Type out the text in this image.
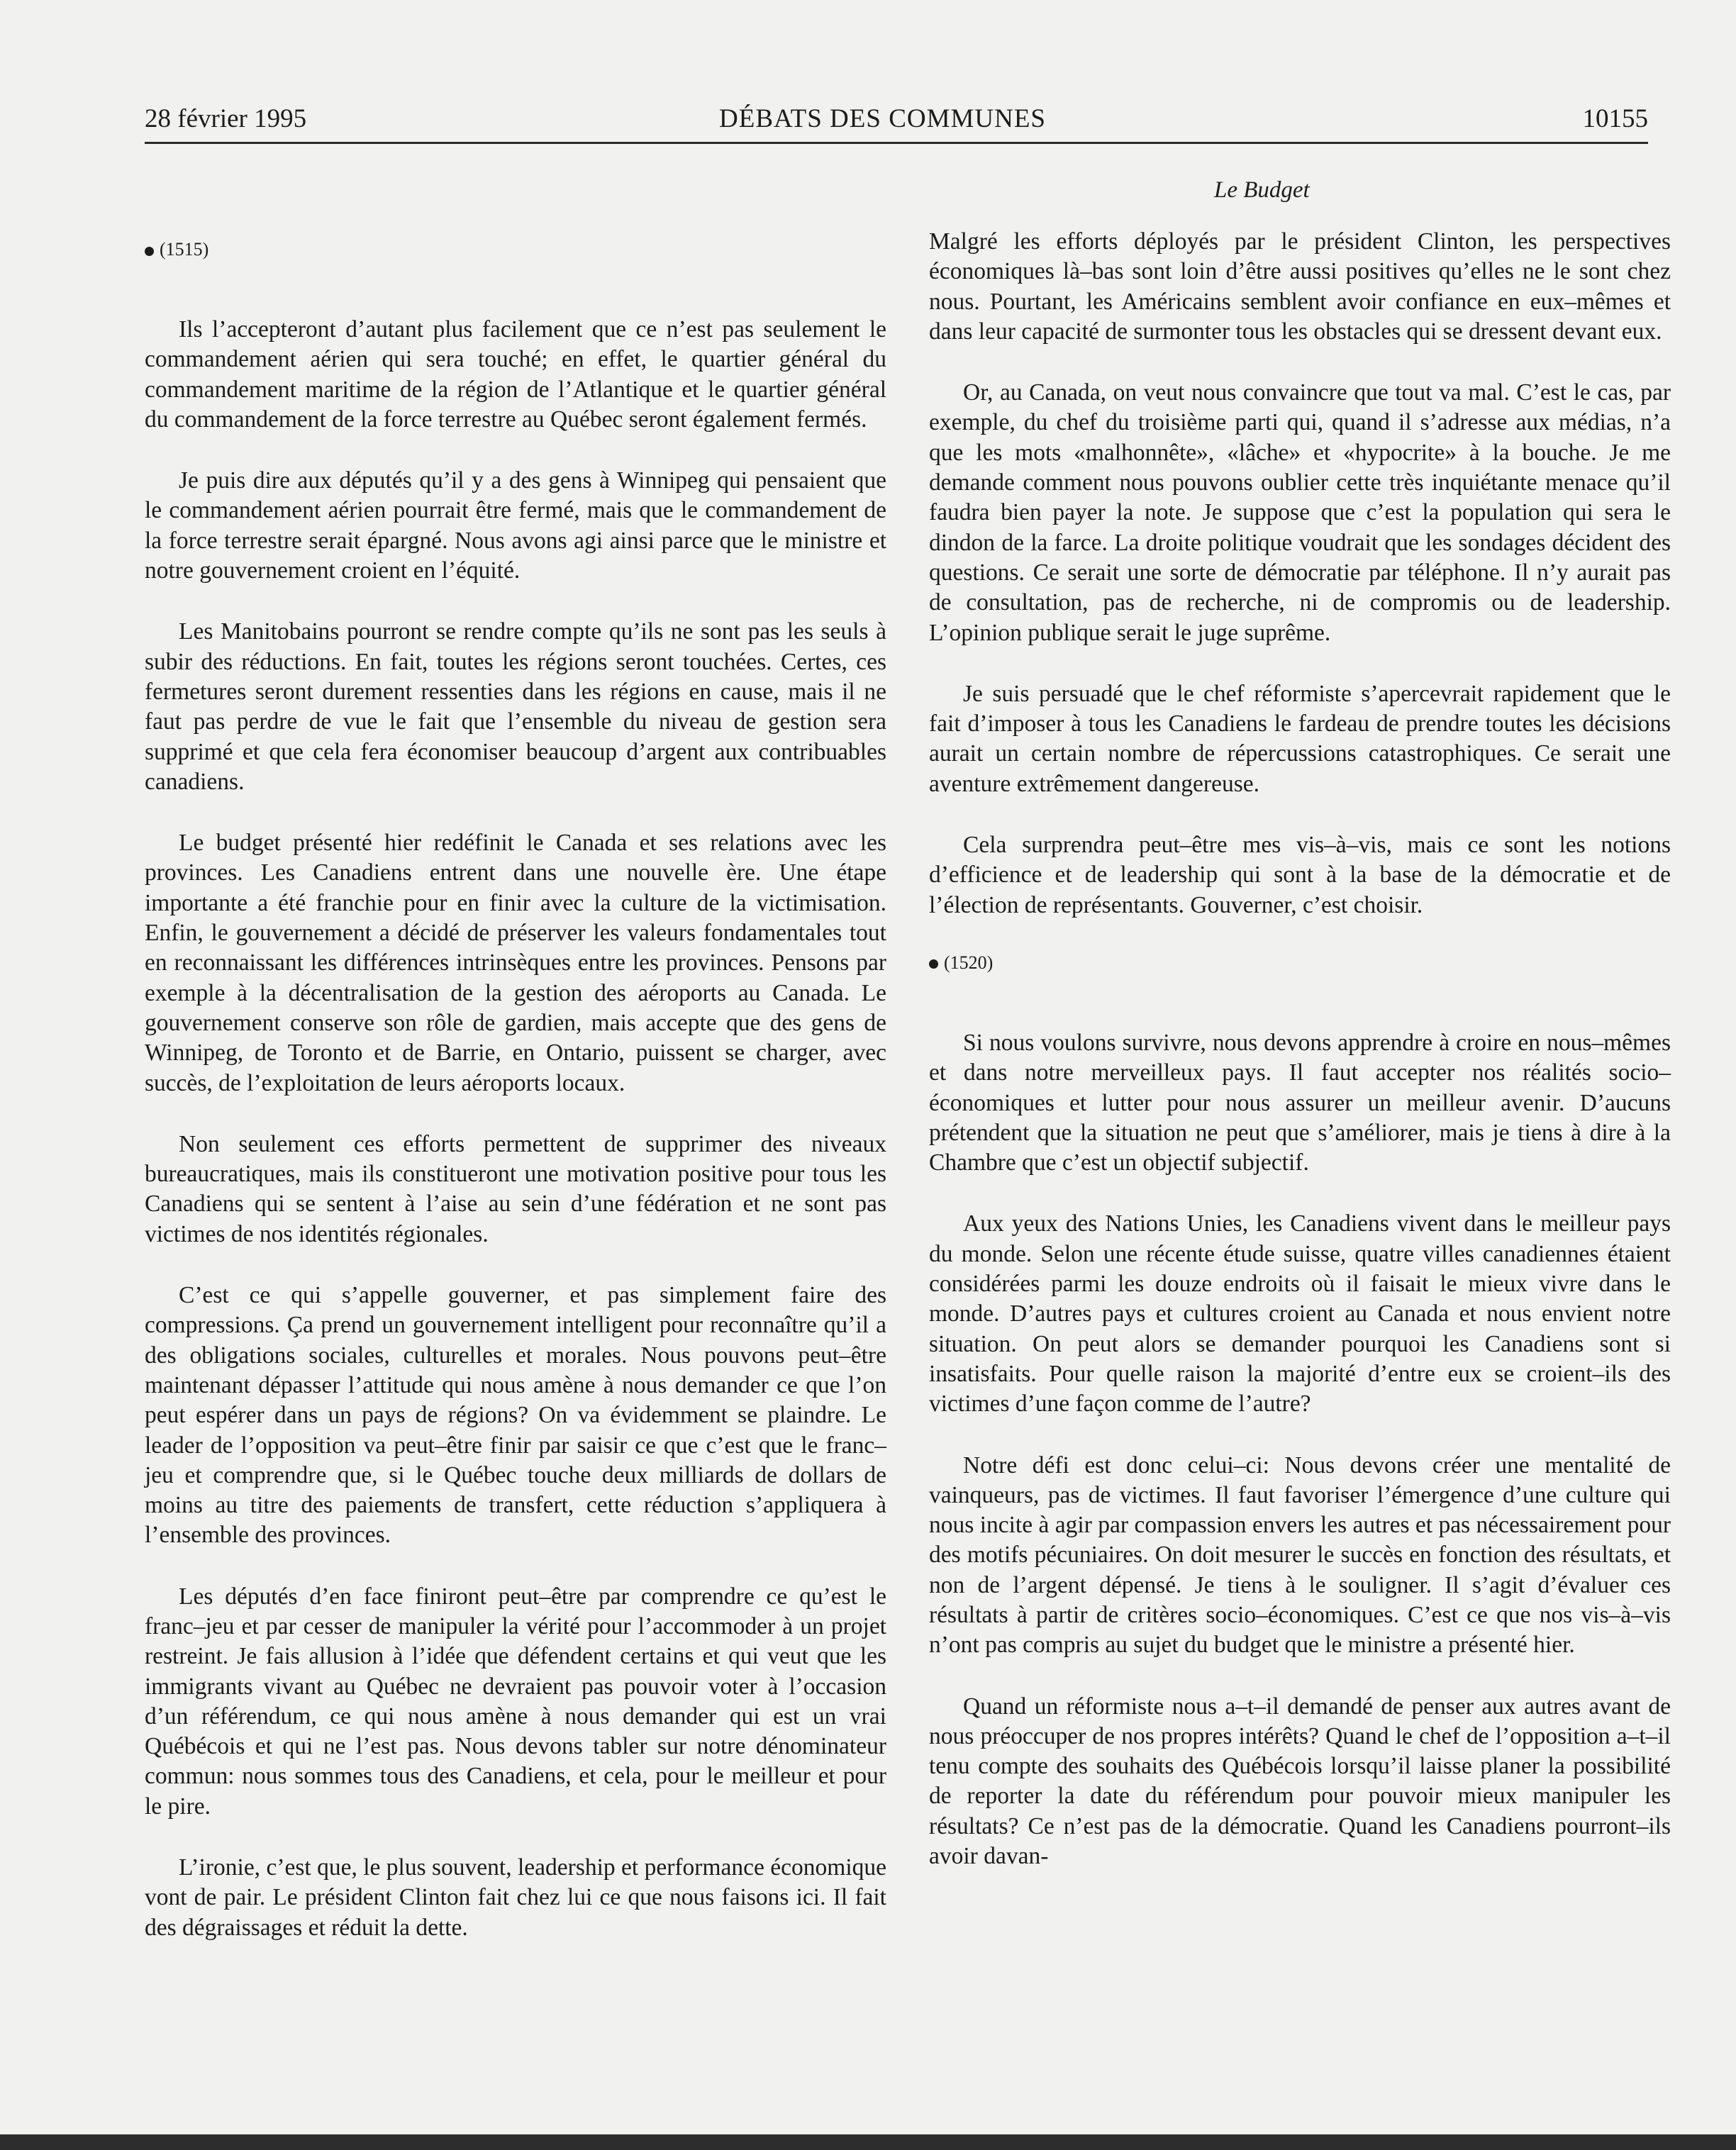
28 février 1995	DÉBATS DES COMMUNES	10155
Le Budget
(1515)

Ils l’accepteront d’autant plus facilement que ce n’est pas seulement le commandement aérien qui sera touché; en effet, le quartier général du commandement maritime de la région de l’Atlantique et le quartier général du commandement de la force terrestre au Québec seront également fermés.

Je puis dire aux députés qu’il y a des gens à Winnipeg qui pensaient que le commandement aérien pourrait être fermé, mais que le commandement de la force terrestre serait épargné. Nous avons agi ainsi parce que le ministre et notre gouvernement croient en l’équité.

Les Manitobains pourront se rendre compte qu’ils ne sont pas les seuls à subir des réductions. En fait, toutes les régions seront touchées. Certes, ces fermetures seront durement ressenties dans les régions en cause, mais il ne faut pas perdre de vue le fait que l’ensemble du niveau de gestion sera supprimé et que cela fera économiser beaucoup d’argent aux contribuables canadiens.

Le budget présenté hier redéfinit le Canada et ses relations avec les provinces. Les Canadiens entrent dans une nouvelle ère. Une étape importante a été franchie pour en finir avec la culture de la victimisation. Enfin, le gouvernement a décidé de préserver les valeurs fondamentales tout en reconnaissant les différences intrinsèques entre les provinces. Pensons par exemple à la décentralisation de la gestion des aéroports au Canada. Le gouvernement conserve son rôle de gardien, mais accepte que des gens de Winnipeg, de Toronto et de Barrie, en Ontario, puissent se charger, avec succès, de l’exploitation de leurs aéroports locaux.

Non seulement ces efforts permettent de supprimer des niveaux bureaucratiques, mais ils constitueront une motivation positive pour tous les Canadiens qui se sentent à l’aise au sein d’une fédération et ne sont pas victimes de nos identités régionales.

C’est ce qui s’appelle gouverner, et pas simplement faire des compressions. Ça prend un gouvernement intelligent pour reconnaître qu’il a des obligations sociales, culturelles et morales. Nous pouvons peut–être maintenant dépasser l’attitude qui nous amène à nous demander ce que l’on peut espérer dans un pays de régions? On va évidemment se plaindre. Le leader de l’opposition va peut–être finir par saisir ce que c’est que le franc–jeu et comprendre que, si le Québec touche deux milliards de dollars de moins au titre des paiements de transfert, cette réduction s’appliquera à l’ensemble des provinces.

Les députés d’en face finiront peut–être par comprendre ce qu’est le franc–jeu et par cesser de manipuler la vérité pour l’accommoder à un projet restreint. Je fais allusion à l’idée que défendent certains et qui veut que les immigrants vivant au Québec ne devraient pas pouvoir voter à l’occasion d’un référendum, ce qui nous amène à nous demander qui est un vrai Québécois et qui ne l’est pas. Nous devons tabler sur notre dénominateur commun: nous sommes tous des Canadiens, et cela, pour le meilleur et pour le pire.

L’ironie, c’est que, le plus souvent, leadership et performance économique vont de pair. Le président Clinton fait chez lui ce que nous faisons ici. Il fait des dégraissages et réduit la dette.

Malgré les efforts déployés par le président Clinton, les perspectives économiques là–bas sont loin d’être aussi positives qu’elles ne le sont chez nous. Pourtant, les Américains semblent avoir confiance en eux–mêmes et dans leur capacité de surmonter tous les obstacles qui se dressent devant eux.

Or, au Canada, on veut nous convaincre que tout va mal. C’est le cas, par exemple, du chef du troisième parti qui, quand il s’adresse aux médias, n’a que les mots «malhonnête», «lâche» et «hypocrite» à la bouche. Je me demande comment nous pouvons oublier cette très inquiétante menace qu’il faudra bien payer la note. Je suppose que c’est la population qui sera le dindon de la farce. La droite politique voudrait que les sondages décident des questions. Ce serait une sorte de démocratie par téléphone. Il n’y aurait pas de consultation, pas de recherche, ni de compromis ou de leadership. L’opinion publique serait le juge suprême.

Je suis persuadé que le chef réformiste s’apercevrait rapidement que le fait d’imposer à tous les Canadiens le fardeau de prendre toutes les décisions aurait un certain nombre de répercussions catastrophiques. Ce serait une aventure extrêmement dangereuse.

Cela surprendra peut–être mes vis–à–vis, mais ce sont les notions d’efficience et de leadership qui sont à la base de la démocratie et de l’élection de représentants. Gouverner, c’est choisir.

(1520)

Si nous voulons survivre, nous devons apprendre à croire en nous–mêmes et dans notre merveilleux pays. Il faut accepter nos réalités socio–économiques et lutter pour nous assurer un meilleur avenir. D’aucuns prétendent que la situation ne peut que s’améliorer, mais je tiens à dire à la Chambre que c’est un objectif subjectif.

Aux yeux des Nations Unies, les Canadiens vivent dans le meilleur pays du monde. Selon une récente étude suisse, quatre villes canadiennes étaient considérées parmi les douze endroits où il faisait le mieux vivre dans le monde. D’autres pays et cultures croient au Canada et nous envient notre situation. On peut alors se demander pourquoi les Canadiens sont si insatisfaits. Pour quelle raison la majorité d’entre eux se croient–ils des victimes d’une façon comme de l’autre?

Notre défi est donc celui–ci: Nous devons créer une mentalité de vainqueurs, pas de victimes. Il faut favoriser l’émergence d’une culture qui nous incite à agir par compassion envers les autres et pas nécessairement pour des motifs pécuniaires. On doit mesurer le succès en fonction des résultats, et non de l’argent dépensé. Je tiens à le souligner. Il s’agit d’évaluer ces résultats à partir de critères socio–économiques. C’est ce que nos vis–à–vis n’ont pas compris au sujet du budget que le ministre a présenté hier.

Quand un réformiste nous a–t–il demandé de penser aux autres avant de nous préoccuper de nos propres intérêts? Quand le chef de l’opposition a–t–il tenu compte des souhaits des Québécois lorsqu’il laisse planer la possibilité de reporter la date du référendum pour pouvoir mieux manipuler les résultats? Ce n’est pas de la démocratie. Quand les Canadiens pourront–ils avoir davan-
